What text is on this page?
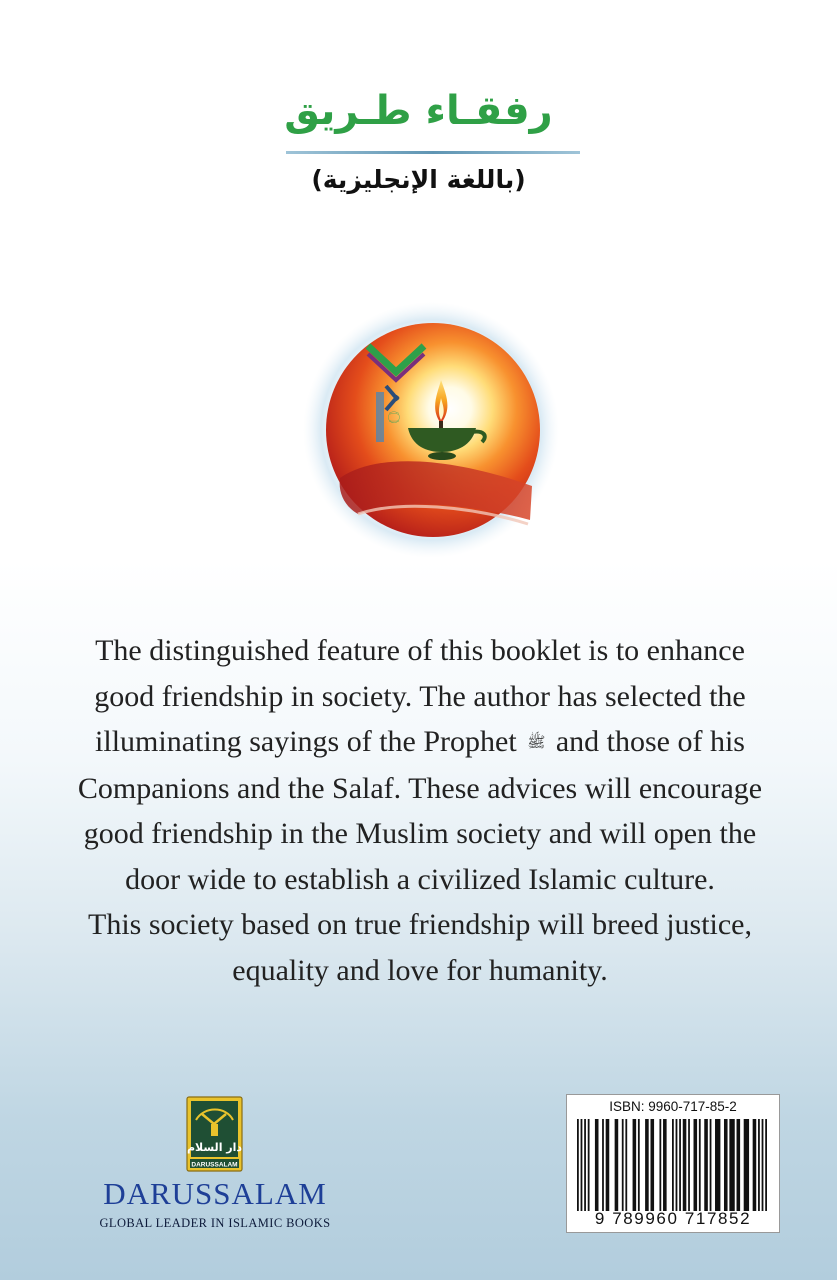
رفقـاء طـريق
(باللغة الإنجليزية)
۝

The distinguished feature of this booklet is to enhance

good friendship in society. The author has selected the

illuminating sayings of the Prophet ﷺ and those of his

Companions and the Salaf. These advices will encourage

good friendship in the Muslim society and will open the

door wide to establish a civilized Islamic culture.

This society based on true friendship will breed justice,

equality and love for humanity.

دار السلام
DARUSSALAM
DARUSSALAM
GLOBAL LEADER IN ISLAMIC BOOKS
ISBN: 9960-717-85-2
9 789960 717852
